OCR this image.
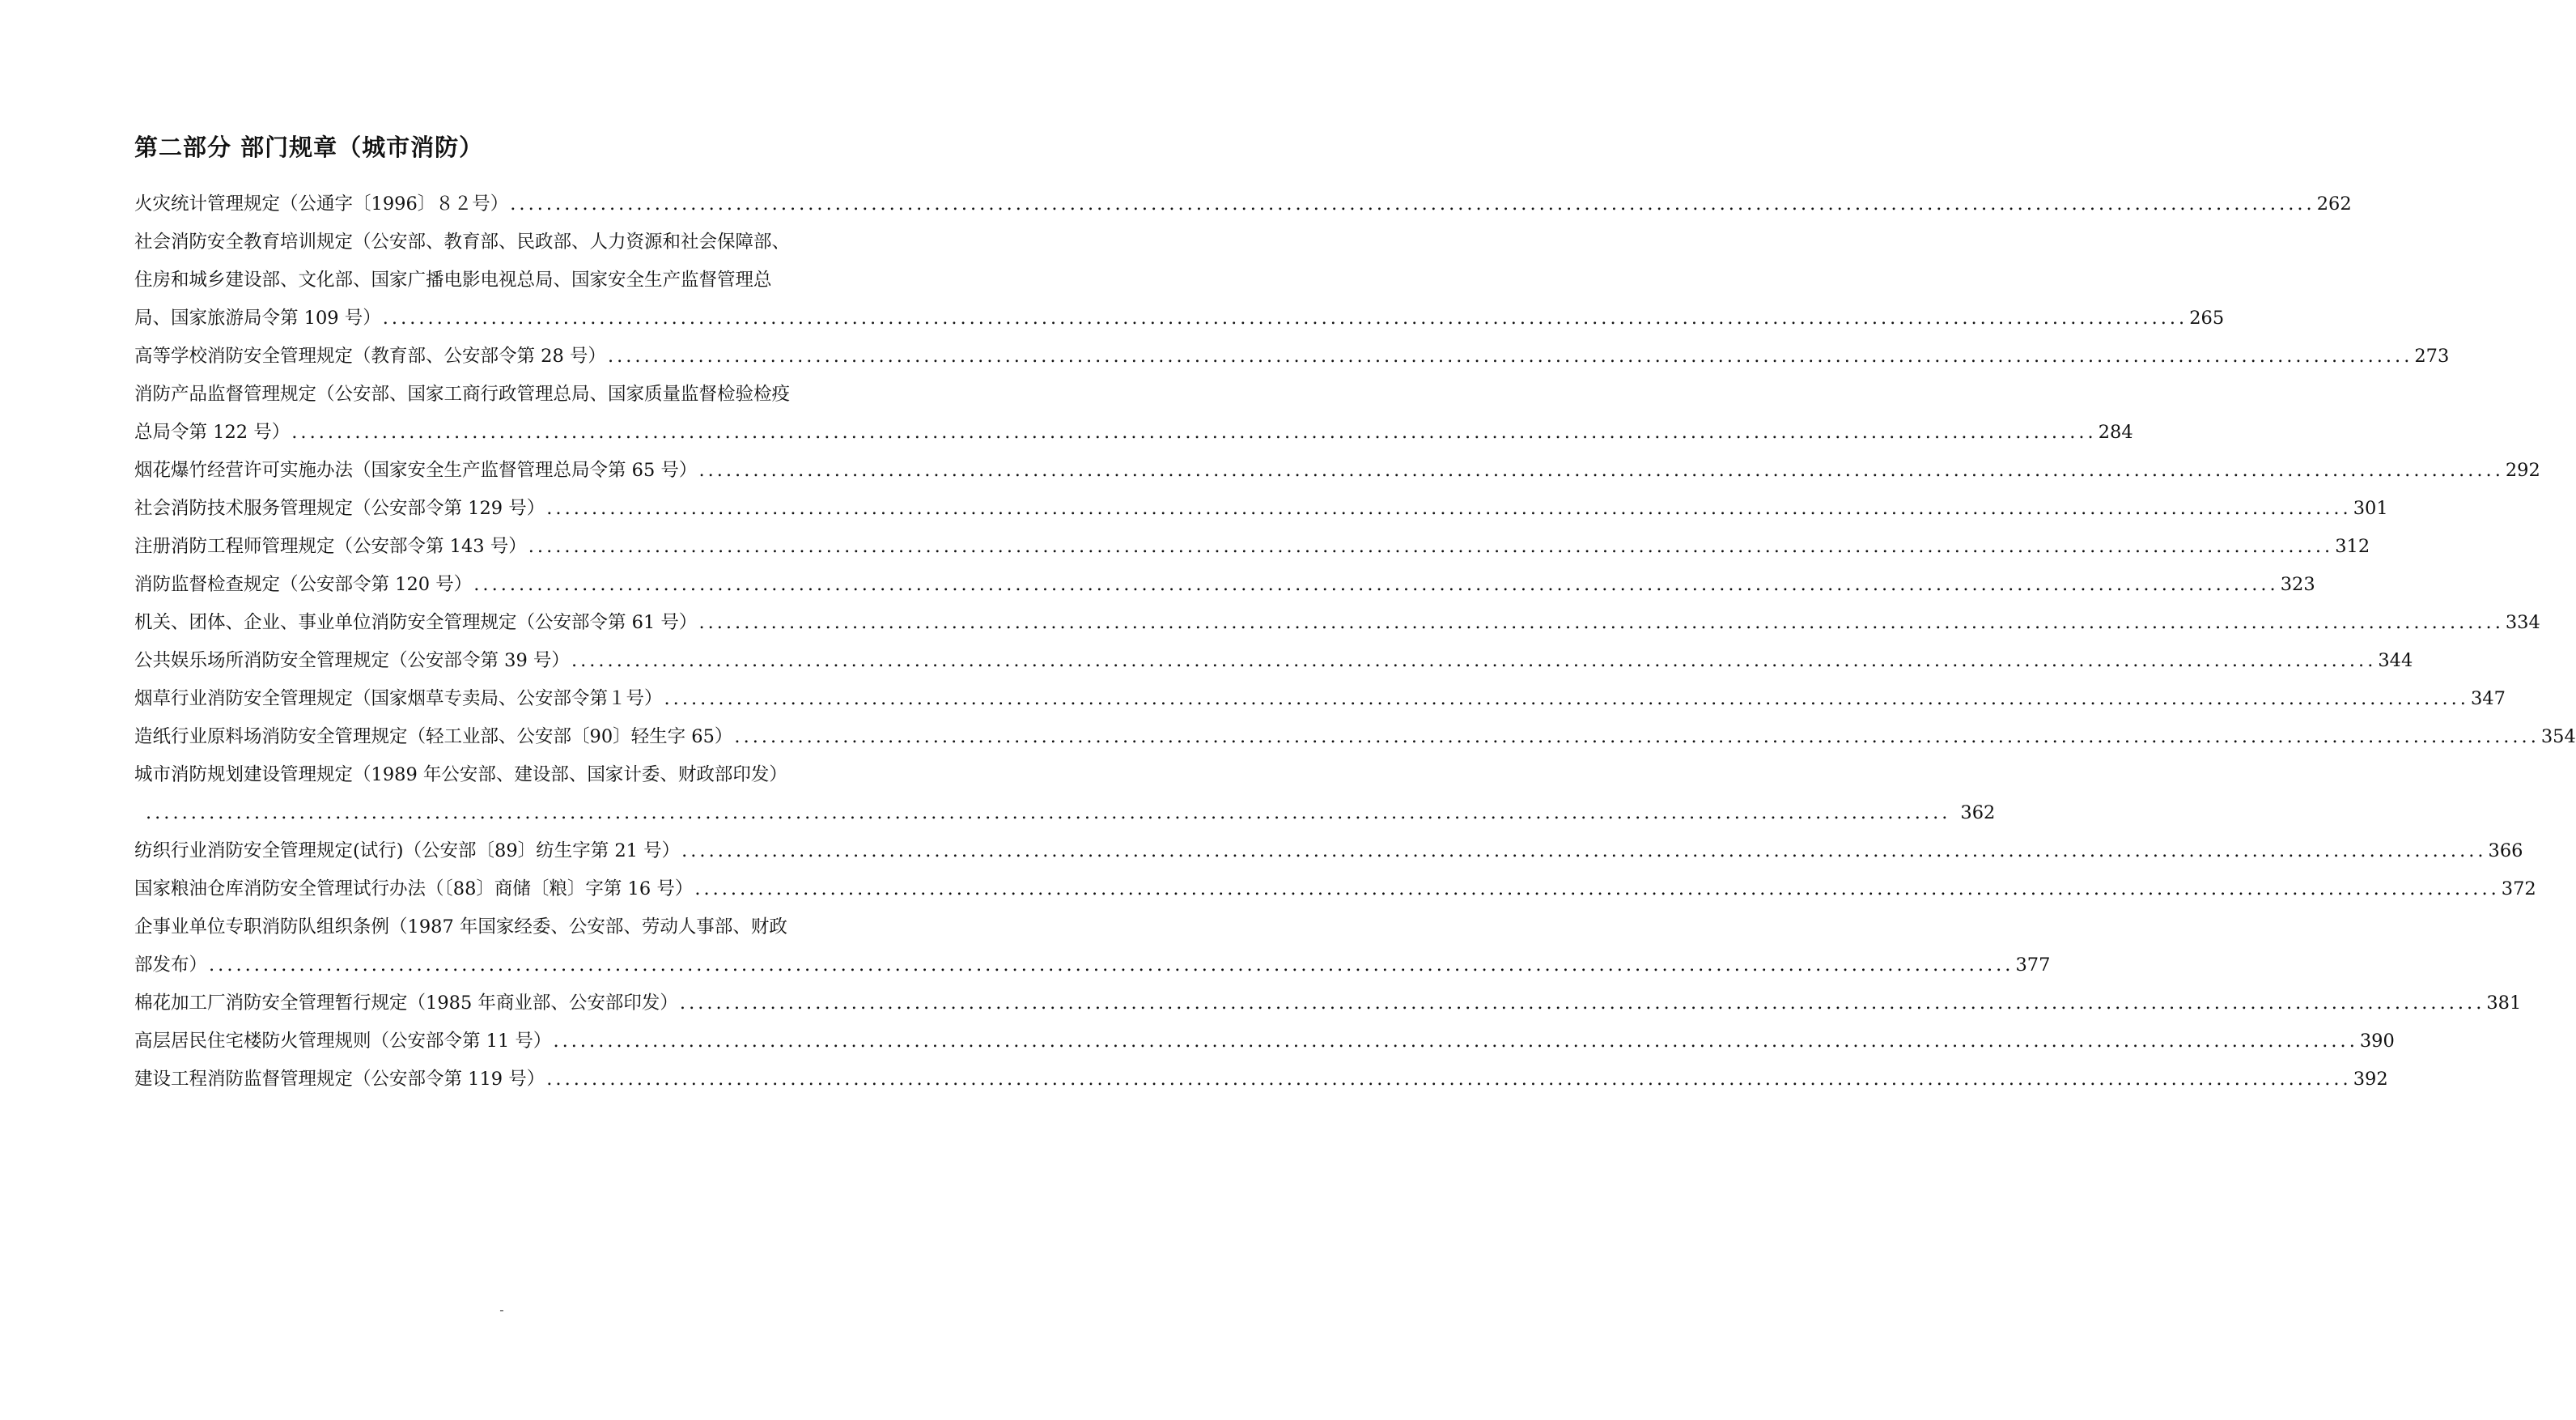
第二部分 部门规章（城市消防）
火灾统计管理规定（公通字〔1996〕８２号） ........................................................................................................................................................................................................ 262
社会消防安全教育培训规定（公安部、教育部、民政部、人力资源和社会保障部、
住房和城乡建设部、文化部、国家广播电影电视总局、国家安全生产监督管理总
局、国家旅游局令第 109 号） ........................................................................................................................................................................................................ 265
高等学校消防安全管理规定（教育部、公安部令第 28 号） ........................................................................................................................................................................................................ 273
消防产品监督管理规定（公安部、国家工商行政管理总局、国家质量监督检验检疫
总局令第 122 号） ........................................................................................................................................................................................................ 284
烟花爆竹经营许可实施办法（国家安全生产监督管理总局令第 65 号） ........................................................................................................................................................................................................ 292
社会消防技术服务管理规定（公安部令第 129 号） ........................................................................................................................................................................................................ 301
注册消防工程师管理规定（公安部令第 143 号） ........................................................................................................................................................................................................ 312
消防监督检查规定（公安部令第 120 号） ........................................................................................................................................................................................................ 323
机关、团体、企业、事业单位消防安全管理规定（公安部令第 61 号） ........................................................................................................................................................................................................ 334
公共娱乐场所消防安全管理规定（公安部令第 39 号） ........................................................................................................................................................................................................ 344
烟草行业消防安全管理规定（国家烟草专卖局、公安部令第１号） ........................................................................................................................................................................................................ 347
造纸行业原料场消防安全管理规定（轻工业部、公安部〔90〕轻生字 65） ........................................................................................................................................................................................................ 354
城市消防规划建设管理规定（1989 年公安部、建设部、国家计委、财政部印发）
........................................................................................................................................................................................................ 362
纺织行业消防安全管理规定(试行)（公安部〔89〕纺生字第 21 号） ........................................................................................................................................................................................................ 366
国家粮油仓库消防安全管理试行办法（〔88〕商储〔粮〕字第 16 号） ........................................................................................................................................................................................................ 372
企事业单位专职消防队组织条例（1987 年国家经委、公安部、劳动人事部、财政
部发布） ........................................................................................................................................................................................................ 377
棉花加工厂消防安全管理暂行规定（1985 年商业部、公安部印发） ........................................................................................................................................................................................................ 381
高层居民住宅楼防火管理规则（公安部令第 11 号） ........................................................................................................................................................................................................ 390
建设工程消防监督管理规定（公安部令第 119 号） ........................................................................................................................................................................................................ 392
-
